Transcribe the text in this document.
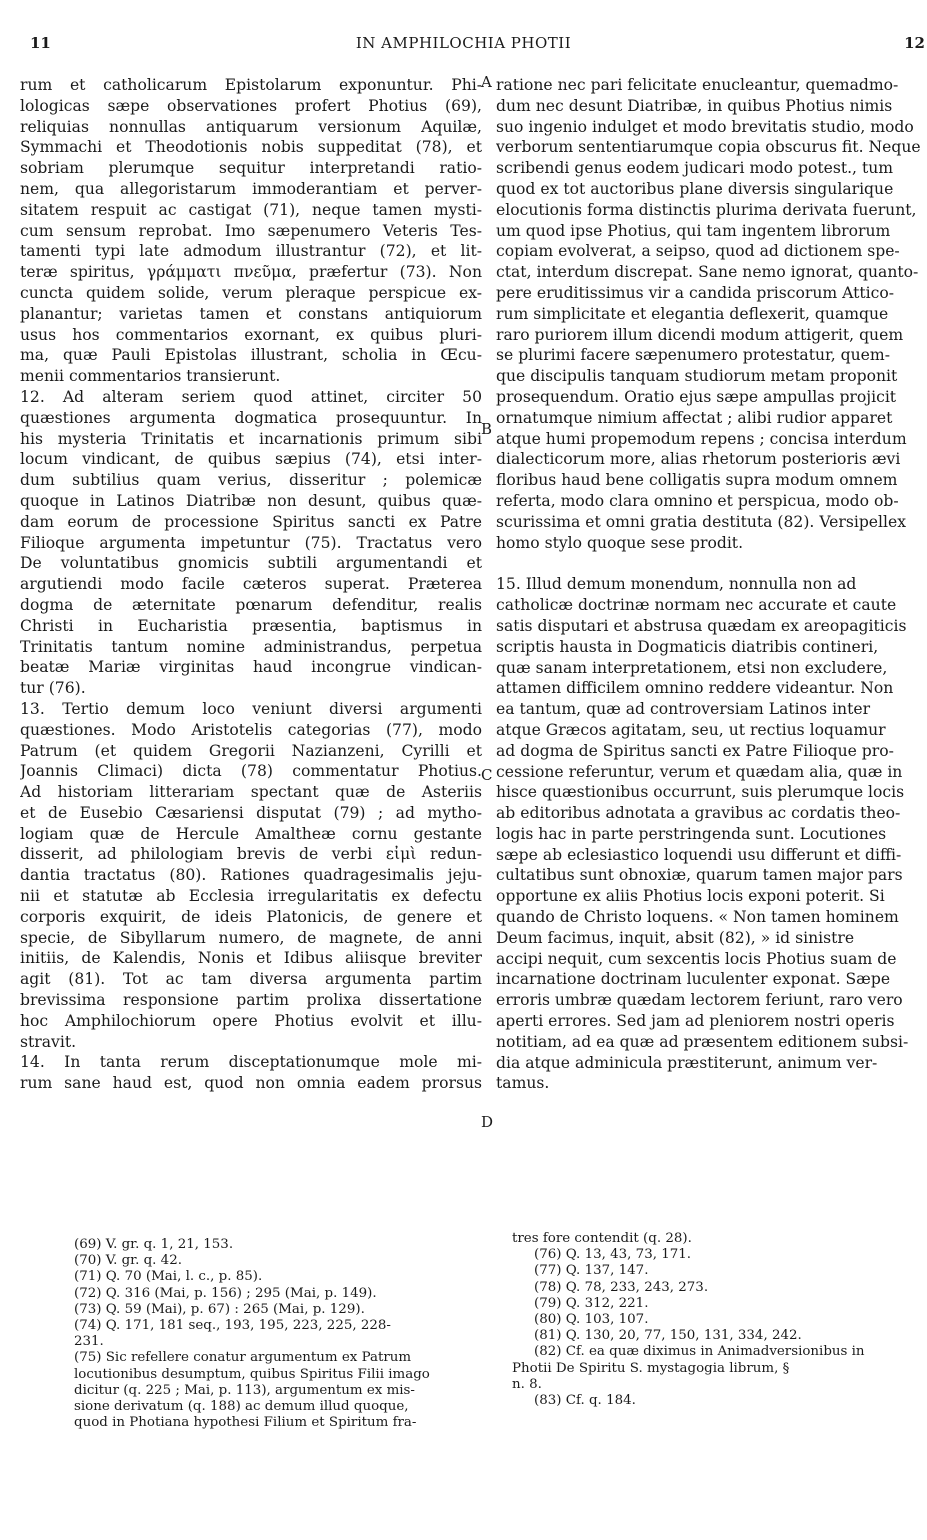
11	IN AMPHILOCHIA PHOTII	12
A
B
C
D
rum et catholicarum Epistolarum exponuntur. Phi-
lologicas sæpe observationes profert Photius (69),
reliquias nonnullas antiquarum versionum Aquilæ,
Symmachi et Theodotionis nobis suppeditat (78), et
sobriam plerumque sequitur interpretandi ratio-
nem, qua allegoristarum immoderantiam et perver-
sitatem respuit ac castigat (71), neque tamen mysti-
cum sensum reprobat. Imo sæpenumero Veteris Tes-
tamenti typi late admodum illustrantur (72), et lit-
teræ spiritus, γράμματι πνεῦμα, præfertur (73). Non
cuncta quidem solide, verum pleraque perspicue ex-
planantur; varietas tamen et constans antiquiorum
usus hos commentarios exornant, ex quibus pluri-
ma, quæ Pauli Epistolas illustrant, scholia in Œcu-
menii commentarios transierunt.
12. Ad alteram seriem quod attinet, circiter 50
quæstiones argumenta dogmatica prosequuntur. In
his mysteria Trinitatis et incarnationis primum sibi
locum vindicant, de quibus sæpius (74), etsi inter-
dum subtilius quam verius, disseritur ; polemicæ
quoque in Latinos Diatribæ non desunt, quibus quæ-
dam eorum de processione Spiritus sancti ex Patre
Filioque argumenta impetuntur (75). Tractatus vero
De voluntatibus gnomicis subtili argumentandi et
argutiendi modo facile cæteros superat. Præterea
dogma de æternitate pœnarum defenditur, realis
Christi in Eucharistia præsentia, baptismus in
Trinitatis tantum nomine administrandus, perpetua
beatæ Mariæ virginitas haud incongrue vindican-
tur (76).
13. Tertio demum loco veniunt diversi argumenti
quæstiones. Modo Aristotelis categorias (77), modo
Patrum (et quidem Gregorii Nazianzeni, Cyrilli et
Joannis Climaci) dicta (78) commentatur Photius.
Ad historiam litterariam spectant quæ de Asteriis
et de Eusebio Cæsariensi disputat (79) ; ad mytho-
logiam quæ de Hercule Amaltheæ cornu gestante
disserit, ad philologiam brevis de verbi εἰμὶ redun-
dantia tractatus (80). Rationes quadragesimalis jeju-
nii et statutæ ab Ecclesia irregularitatis ex defectu
corporis exquirit, de ideis Platonicis, de genere et
specie, de Sibyllarum numero, de magnete, de anni
initiis, de Kalendis, Nonis et Idibus aliisque breviter
agit (81). Tot ac tam diversa argumenta partim
brevissima responsione partim prolixa dissertatione
hoc Amphilochiorum opere Photius evolvit et illu-
stravit.
14. In tanta rerum disceptationumque mole mi-
rum sane haud est, quod non omnia eadem prorsus
ratione nec pari felicitate enucleantur, quemadmo-
dum nec desunt Diatribæ, in quibus Photius nimis
suo ingenio indulget et modo brevitatis studio, modo
verborum sententiarumque copia obscurus fit. Neque
scribendi genus eodem judicari modo potest., tum
quod ex tot auctoribus plane diversis singularique
elocutionis forma distinctis plurima derivata fuerunt,
um quod ipse Photius, qui tam ingentem librorum
copiam evolverat, a seipso, quod ad dictionem spe-
ctat, interdum discrepat. Sane nemo ignorat, quanto-
pere eruditissimus vir a candida priscorum Attico-
rum simplicitate et elegantia deflexerit, quamque
raro puriorem illum dicendi modum attigerit, quem
se plurimi facere sæpenumero protestatur, quem-
que discipulis tanquam studiorum metam proponit
prosequendum. Oratio ejus sæpe ampullas projicit
ornatumque nimium affectat ; alibi rudior apparet
atque humi propemodum repens ; concisa interdum
dialecticorum more, alias rhetorum posterioris ævi
floribus haud bene colligatis supra modum omnem
referta, modo clara omnino et perspicua, modo ob-
scurissima et omni gratia destituta (82). Versipellex
homo stylo quoque sese prodit.
15. Illud demum monendum, nonnulla non ad
catholicæ doctrinæ normam nec accurate et caute
satis disputari et abstrusa quædam ex areopagiticis
scriptis hausta in Dogmaticis diatribis contineri,
quæ sanam interpretationem, etsi non excludere,
attamen difficilem omnino reddere videantur. Non
ea tantum, quæ ad controversiam Latinos inter
atque Græcos agitatam, seu, ut rectius loquamur
ad dogma de Spiritus sancti ex Patre Filioque pro-
cessione referuntur, verum et quædam alia, quæ in
hisce quæstionibus occurrunt, suis plerumque locis
ab editoribus adnotata a gravibus ac cordatis theo-
logis hac in parte perstringenda sunt. Locutiones
sæpe ab eclesiastico loquendi usu differunt et diffi-
cultatibus sunt obnoxiæ, quarum tamen major pars
opportune ex aliis Photius locis exponi poterit. Si
quando de Christo loquens. « Non tamen hominem
Deum facimus, inquit, absit (82), » id sinistre
accipi nequit, cum sexcentis locis Photius suam de
incarnatione doctrinam luculenter exponat. Sæpe
erroris umbræ quædam lectorem feriunt, raro vero
aperti errores. Sed jam ad pleniorem nostri operis
notitiam, ad ea quæ ad præsentem editionem subsi-
dia atque adminicula præstiterunt, animum ver-
tamus.
(69) V. gr. q. 1, 21, 153.
(70) V. gr. q. 42.
(71) Q. 70 (Mai, l. c., p. 85).
(72) Q. 316 (Mai, p. 156) ; 295 (Mai, p. 149).
(73) Q. 59 (Mai), p. 67) : 265 (Mai, p. 129).
(74) Q. 171, 181 seq., 193, 195, 223, 225, 228-
231.
(75) Sic refellere conatur argumentum ex Patrum
locutionibus desumptum, quibus Spiritus Filii imago
dicitur (q. 225 ; Mai, p. 113), argumentum ex mis-
sione derivatum (q. 188) ac demum illud quoque,
quod in Photiana hypothesi Filium et Spiritum fra-
tres fore contendit (q. 28).
(76) Q. 13, 43, 73, 171.
(77) Q. 137, 147.
(78) Q. 78, 233, 243, 273.
(79) Q. 312, 221.
(80) Q. 103, 107.
(81) Q. 130, 20, 77, 150, 131, 334, 242.
(82) Cf. ea quæ diximus in Animadversionibus in
Photii De Spiritu S. mystagogia librum, §
n. 8.
(83) Cf. q. 184.
